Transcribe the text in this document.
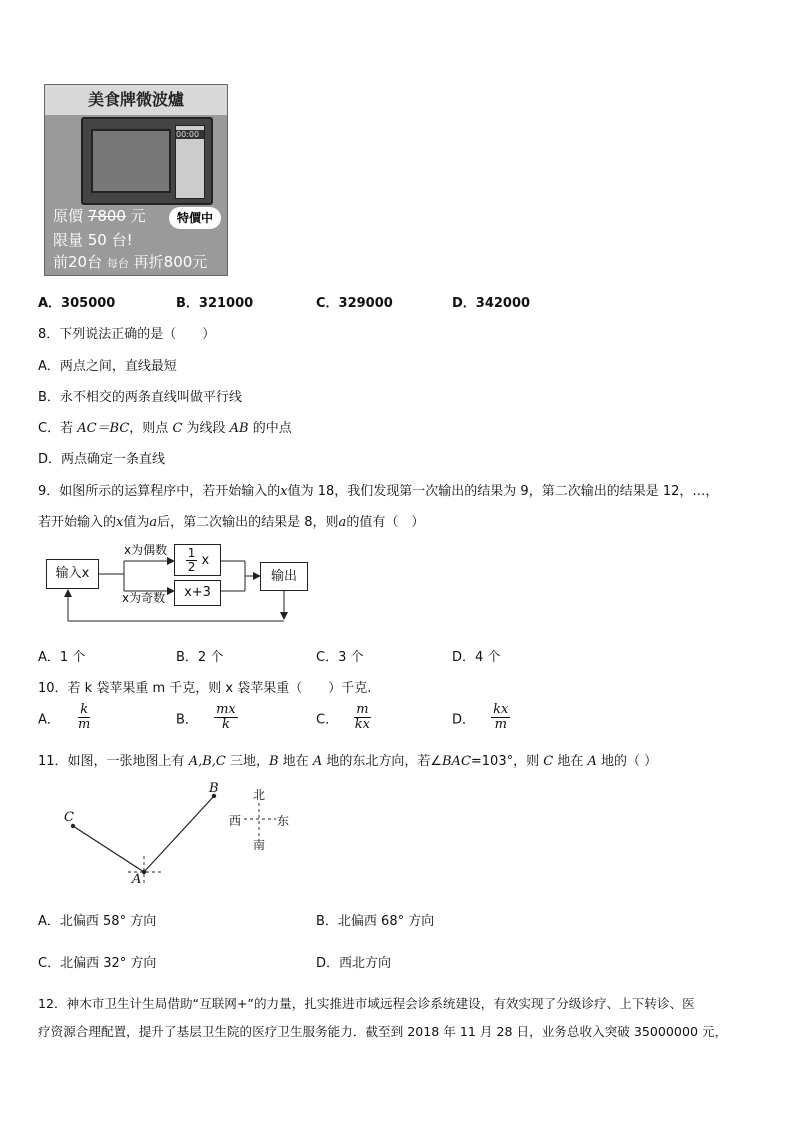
美食牌微波爐
00:00
原價 7800 元	特價中
限量 50 台!
前20台 每台 再折800元
A．305000	B．321000	C．329000	D．342000
8．下列说法正确的是（　　）
A．两点之间，直线最短
B．永不相交的两条直线叫做平行线
C．若 AC＝BC，则点 C 为线段 AB 的中点
D．两点确定一条直线
9．如图所示的运算程序中，若开始输入的x值为 18，我们发现第一次输出的结果为 9，第二次输出的结果是 12，…，
若开始输入的x值为a后，第二次输出的结果是 8，则a的值有（　）
输入x
x为偶数
x为奇数
$\frac{1}{2}$ x
x+3
输出
A．1 个	B．2 个	C．3 个	D．4 个
10．若 k 袋苹果重 m 千克，则 x 袋苹果重（　　）千克.
A． $\frac{k}{m}$	B． $\frac{mx}{k}$	C． $\frac{m}{kx}$	D． $\frac{kx}{m}$
11．如图，一张地图上有 A,B,C 三地，B 地在 A 地的东北方向，若∠BAC=103°，则 C 地在 A 地的（ ）
C
B
A
北
西	东
南
A．北偏西 58° 方向	B．北偏西 68° 方向
C．北偏西 32° 方向	D．西北方向
12．神木市卫生计生局借助“互联网+”的力量，扎实推进市域远程会诊系统建设，有效实现了分级诊疗、上下转诊、医
疗资源合理配置，提升了基层卫生院的医疗卫生服务能力．截至到 2018 年 11 月 28 日，业务总收入突破 35000000 元，
